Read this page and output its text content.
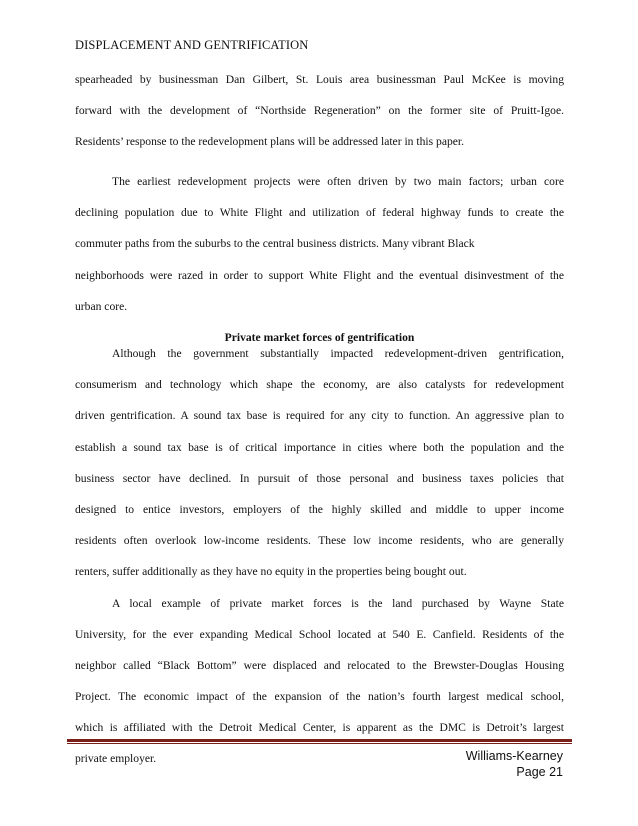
DISPLACEMENT AND GENTRIFICATION
spearheaded by businessman Dan Gilbert, St. Louis area businessman Paul McKee is moving
forward with the development of “Northside Regeneration” on the former site of Pruitt-Igoe.
Residents’ response to the redevelopment plans will be addressed later in this paper.
The earliest redevelopment projects were often driven by two main factors; urban core
declining population due to White Flight and utilization of federal highway funds to create the
commuter paths from the suburbs to the central business districts. Many vibrant Black
neighborhoods were razed in order to support White Flight and the eventual disinvestment of the
urban core.
Private market forces of gentrification
Although the government substantially impacted redevelopment-driven gentrification,
consumerism and technology which shape the economy, are also catalysts for redevelopment
driven gentrification. A sound tax base is required for any city to function. An aggressive plan to
establish a sound tax base is of critical importance in cities where both the population and the
business sector have declined. In pursuit of those personal and business taxes policies that
designed to entice investors, employers of the highly skilled and middle to upper income
residents often overlook low-income residents. These low income residents, who are generally
renters, suffer additionally as they have no equity in the properties being bought out.
A local example of private market forces is the land purchased by Wayne State
University, for the ever expanding Medical School located at 540 E. Canfield. Residents of the
neighbor called “Black Bottom” were displaced and relocated to the Brewster-Douglas Housing
Project. The economic impact of the expansion of the nation’s fourth largest medical school,
which is affiliated with the Detroit Medical Center, is apparent as the DMC is Detroit’s largest
private employer.	Williams-Kearney
Page 21
